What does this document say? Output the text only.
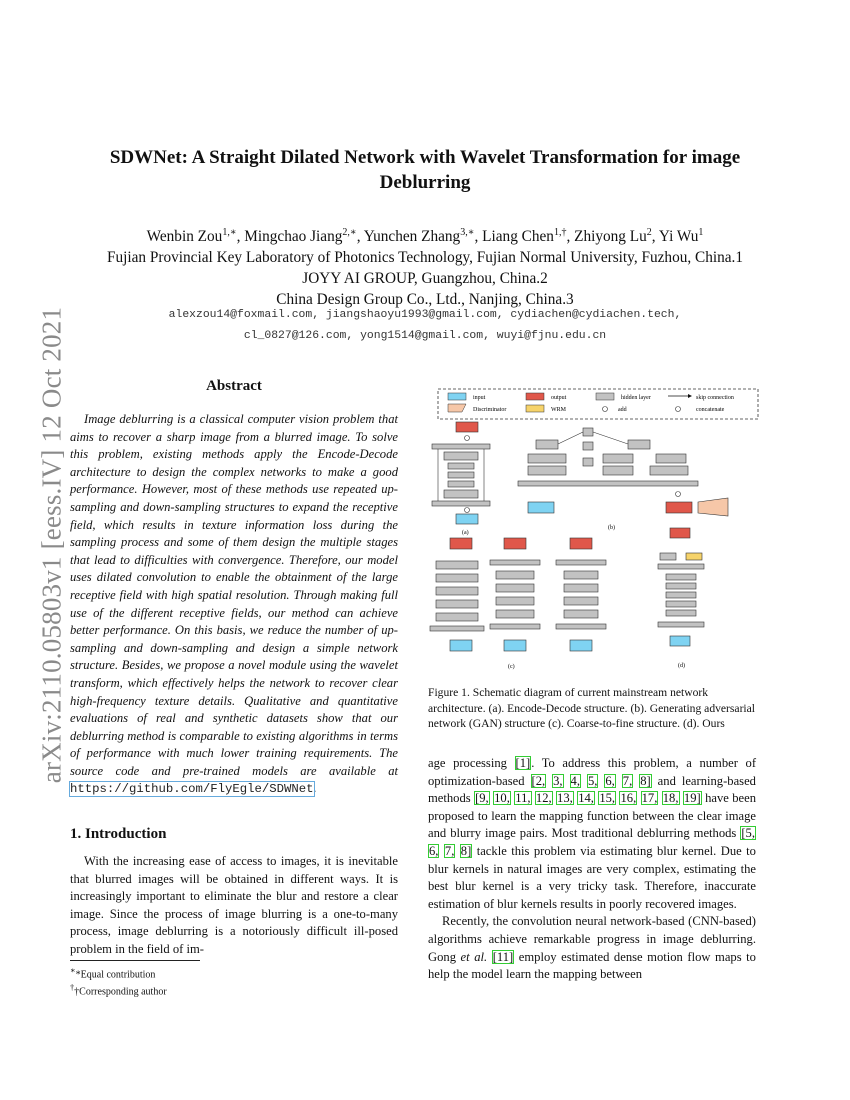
arXiv:2110.05803v1 [eess.IV] 12 Oct 2021
SDWNet: A Straight Dilated Network with Wavelet Transformation for image Deblurring
Wenbin Zou$^{1,∗}$, Mingchao Jiang$^{2,∗}$, Yunchen Zhang$^{3,∗}$, Liang Chen$^{1,\dagger}$, Zhiyong Lu$^2$, Yi Wu$^1$
Fujian Provincial Key Laboratory of Photonics Technology, Fujian Normal University, Fuzhou, China.1
JOYY AI GROUP, Guangzhou, China.2
China Design Group Co., Ltd., Nanjing, China.3
alexzou14@foxmail.com, jiangshaoyu1993@gmail.com, cydiachen@cydiachen.tech,
cl_0827@126.com, yong1514@gmail.com, wuyi@fjnu.edu.cn
Abstract
Image deblurring is a classical computer vision problem that aims to recover a sharp image from a blurred image. To solve this problem, existing methods apply the Encode-Decode architecture to design the complex networks to make a good performance. However, most of these methods use repeated up-sampling and down-sampling structures to expand the receptive field, which results in texture information loss during the sampling process and some of them design the multiple stages that lead to difficulties with convergence. Therefore, our model uses dilated convolution to enable the obtainment of the large receptive field with high spatial resolution. Through making full use of the different receptive fields, our method can achieve better performance. On this basis, we reduce the number of up-sampling and down-sampling and design a simple network structure. Besides, we propose a novel module using the wavelet transform, which effectively helps the network to recover clear high-frequency texture details. Qualitative and quantitative evaluations of real and synthetic datasets show that our deblurring method is comparable to existing algorithms in terms of performance with much lower training requirements. The source code and pre-trained models are available at https://github.com/FlyEgle/SDWNet.
1. Introduction
With the increasing ease of access to images, it is inevitable that blurred images will be obtained in different ways. It is increasingly important to eliminate the blur and restore a clear image. Since the process of image blurring is a one-to-many process, image deblurring is a notoriously difficult ill-posed problem in the field of im-
∗*Equal contribution
††Corresponding author
input	output	hidden layer	skip connection
Discriminator	WRM	add	concatenate
(a)
(b)
(c)	(d)
Figure 1. Schematic diagram of current mainstream network architecture. (a). Encode-Decode structure. (b). Generating adversarial network (GAN) structure (c). Coarse-to-fine structure. (d). Ours

age processing [1]. To address this problem, a number of optimization-based [2, 3, 4, 5, 6, 7, 8] and learning-based methods [9, 10, 11, 12, 13, 14, 15, 16, 17, 18, 19] have been proposed to learn the mapping function between the clear image and blurry image pairs. Most traditional deblurring methods [5, 6, 7, 8] tackle this problem via estimating blur kernel. Due to blur kernels in natural images are very complex, estimating the best blur kernel is a very tricky task. Therefore, inaccurate estimation of blur kernels results in poorly recovered images.

Recently, the convolution neural network-based (CNN-based) algorithms achieve remarkable progress in image deblurring. Gong et al. [11] employ estimated dense motion flow maps to help the model learn the mapping between
